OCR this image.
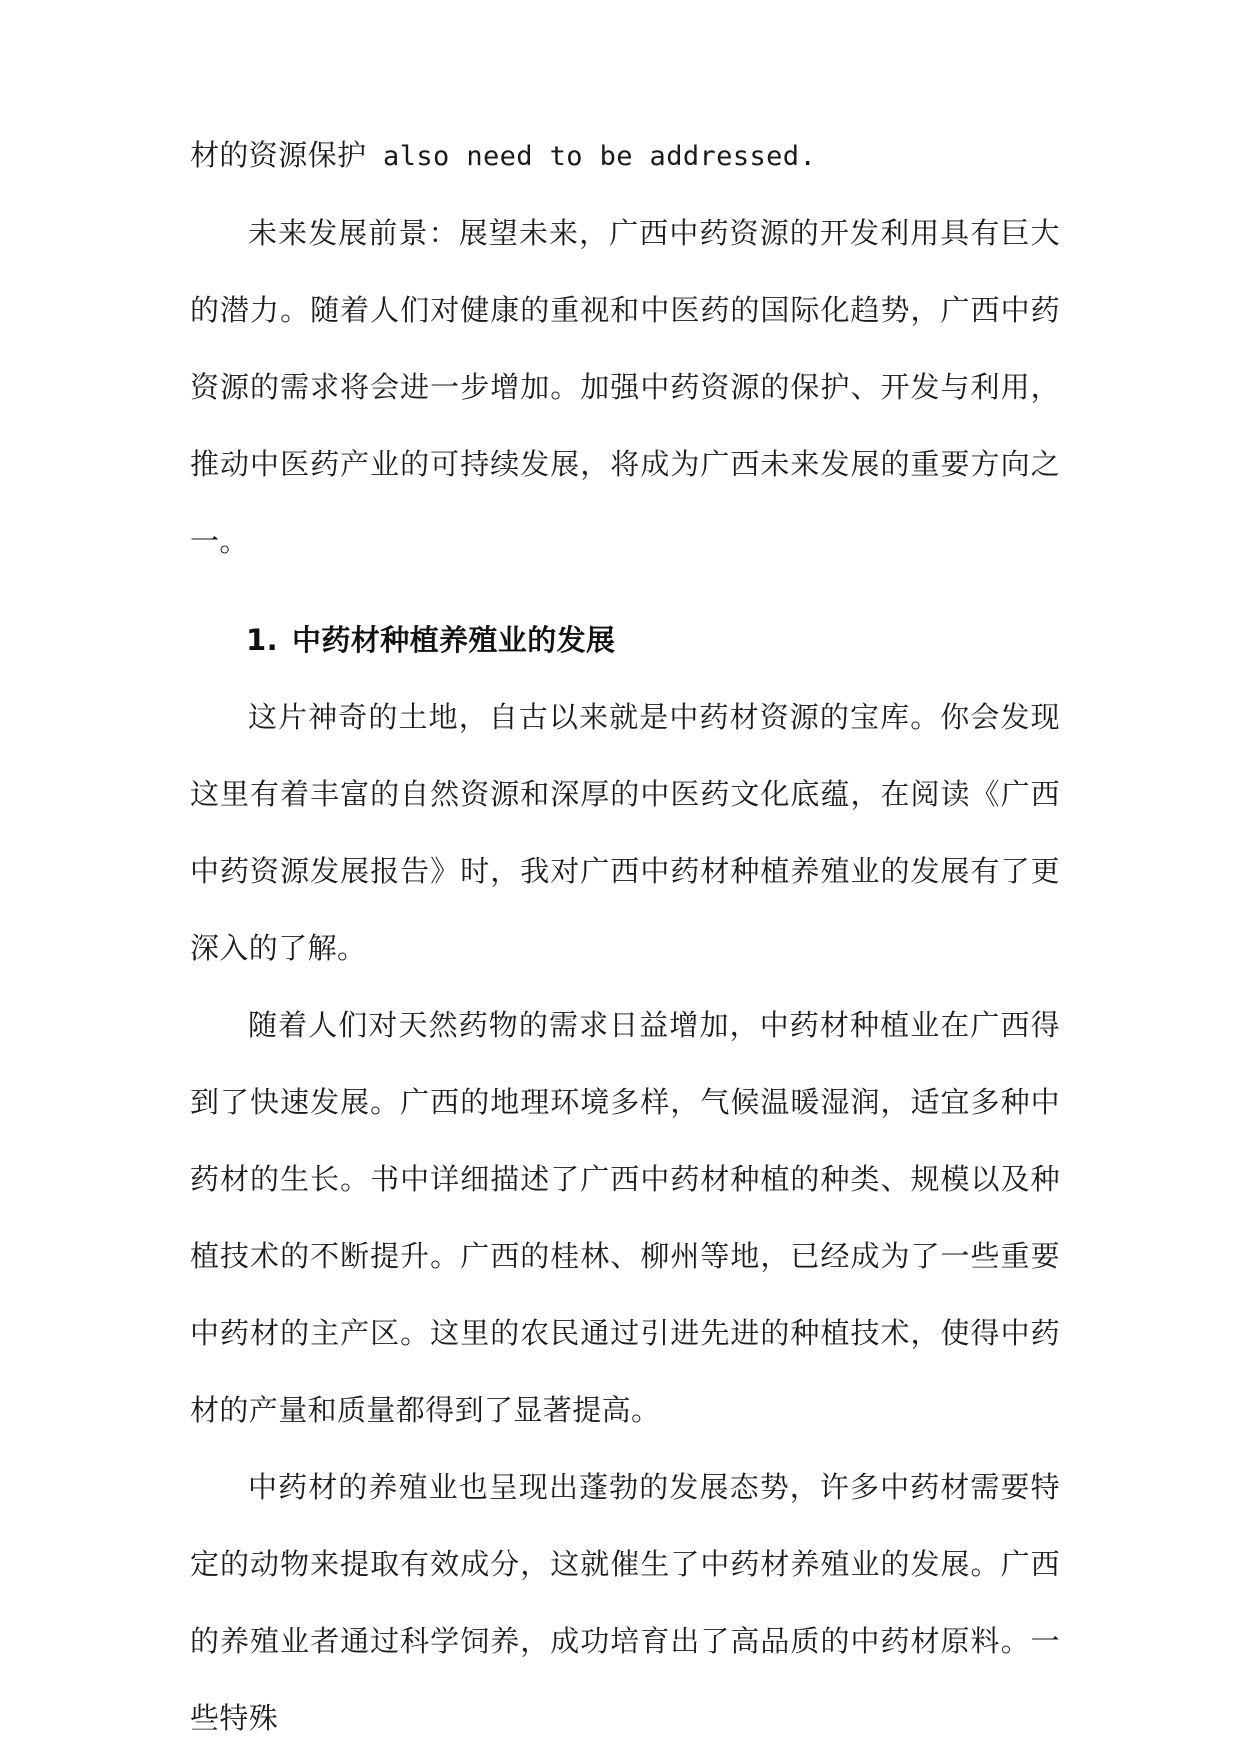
材的资源保护 also need to be addressed.

未来发展前景：展望未来，广西中药资源的开发利用具有巨大的潜力。随着人们对健康的重视和中医药的国际化趋势，广西中药资源的需求将会进一步增加。加强中药资源的保护、开发与利用，推动中医药产业的可持续发展，将成为广西未来发展的重要方向之一。

1. 中药材种植养殖业的发展

这片神奇的土地，自古以来就是中药材资源的宝库。你会发现这里有着丰富的自然资源和深厚的中医药文化底蕴，在阅读《广西中药资源发展报告》时，我对广西中药材种植养殖业的发展有了更深入的了解。

随着人们对天然药物的需求日益增加，中药材种植业在广西得到了快速发展。广西的地理环境多样，气候温暖湿润，适宜多种中药材的生长。书中详细描述了广西中药材种植的种类、规模以及种植技术的不断提升。广西的桂林、柳州等地，已经成为了一些重要中药材的主产区。这里的农民通过引进先进的种植技术，使得中药材的产量和质量都得到了显著提高。

中药材的养殖业也呈现出蓬勃的发展态势，许多中药材需要特定的动物来提取有效成分，这就催生了中药材养殖业的发展。广西的养殖业者通过科学饲养，成功培育出了高品质的中药材原料。一些特殊
